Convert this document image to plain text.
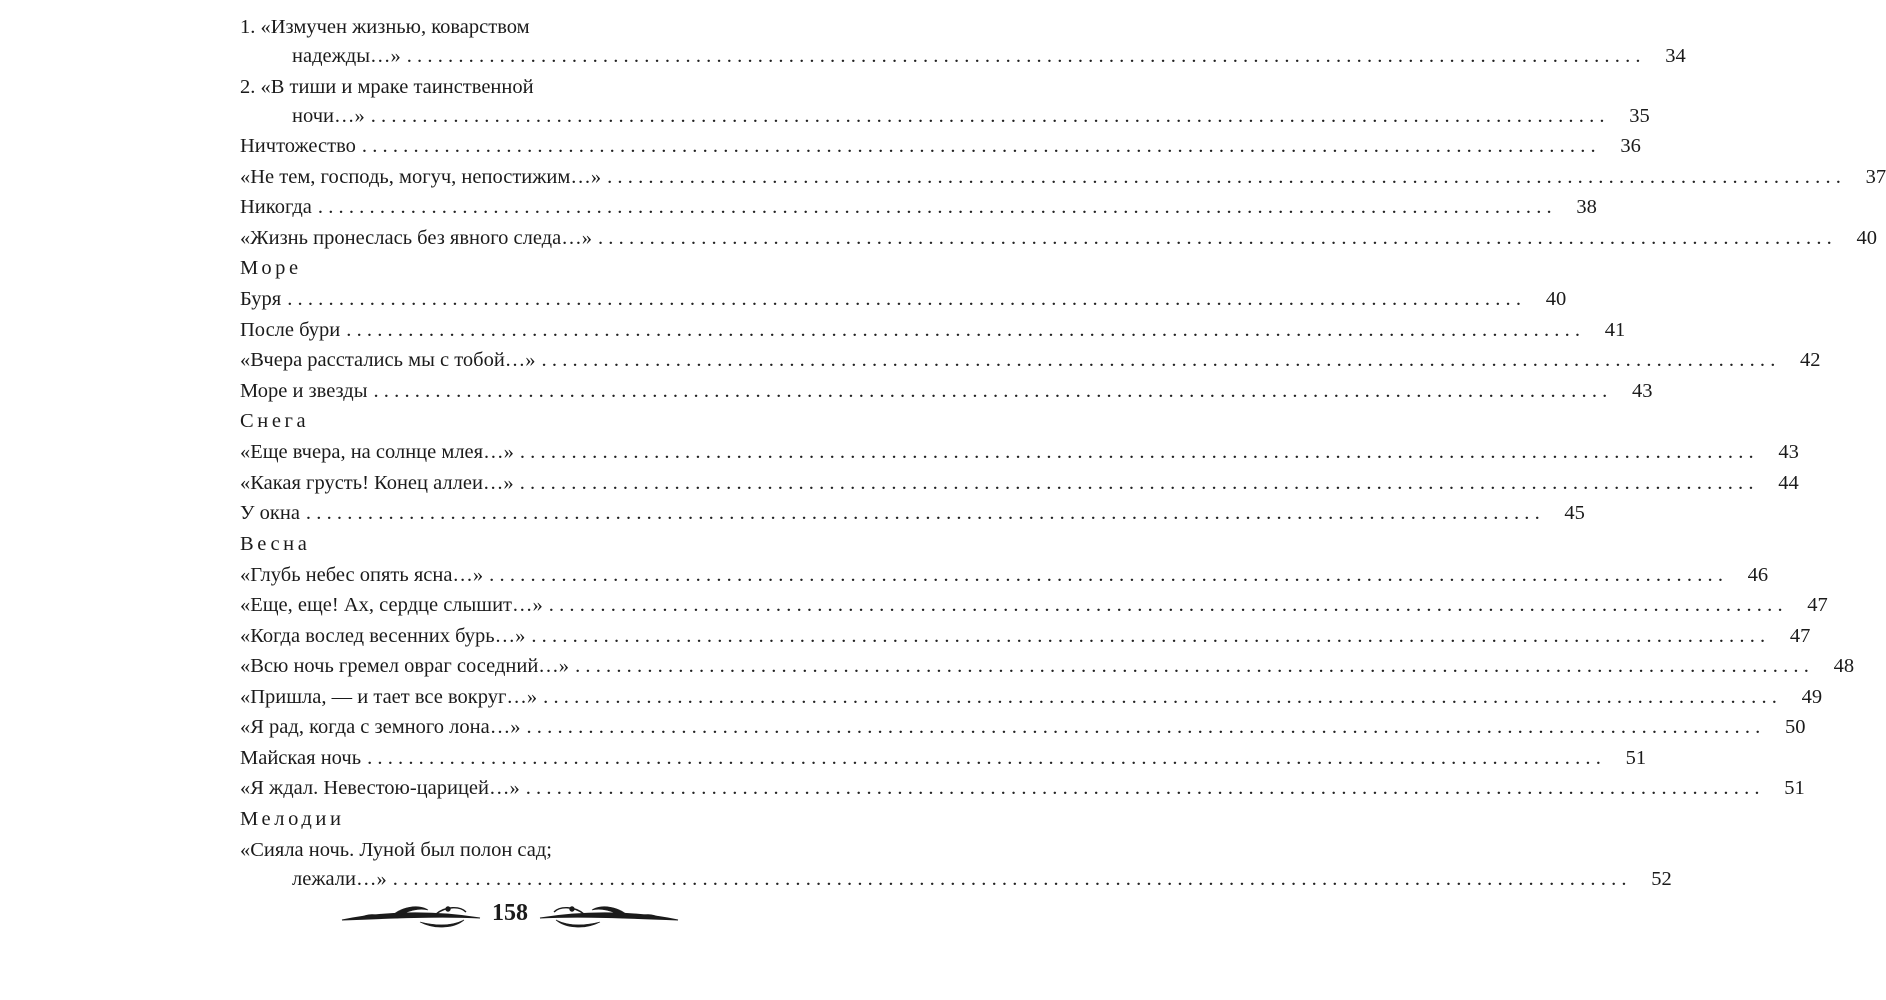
1. «Измучен жизнью, коварством
надежды…» ........................................................................................................................ 34
2. «В тиши и мраке таинственной
ночи…» ........................................................................................................................ 35
Ничтожество ........................................................................................................................ 36
«Не тем, господь, могуч, непостижим…» ........................................................................................................................ 37
Никогда ........................................................................................................................ 38
«Жизнь пронеслась без явного следа…» ........................................................................................................................ 40
Море
Буря ........................................................................................................................ 40
После бури ........................................................................................................................ 41
«Вчера расстались мы с тобой…» ........................................................................................................................ 42
Море и звезды ........................................................................................................................ 43
Снега
«Еще вчера, на солнце млея…» ........................................................................................................................ 43
«Какая грусть! Конец аллеи…» ........................................................................................................................ 44
У окна ........................................................................................................................ 45
Весна
«Глубь небес опять ясна…» ........................................................................................................................ 46
«Еще, еще! Ах, сердце слышит…» ........................................................................................................................ 47
«Когда вослед весенних бурь…» ........................................................................................................................ 47
«Всю ночь гремел овраг соседний…» ........................................................................................................................ 48
«Пришла, — и тает все вокруг…» ........................................................................................................................ 49
«Я рад, когда с земного лона…» ........................................................................................................................ 50
Майская ночь ........................................................................................................................ 51
«Я ждал. Невестою-царицей…» ........................................................................................................................ 51
Мелодии
«Сияла ночь. Луной был полон сад;
лежали…» ........................................................................................................................ 52
158
